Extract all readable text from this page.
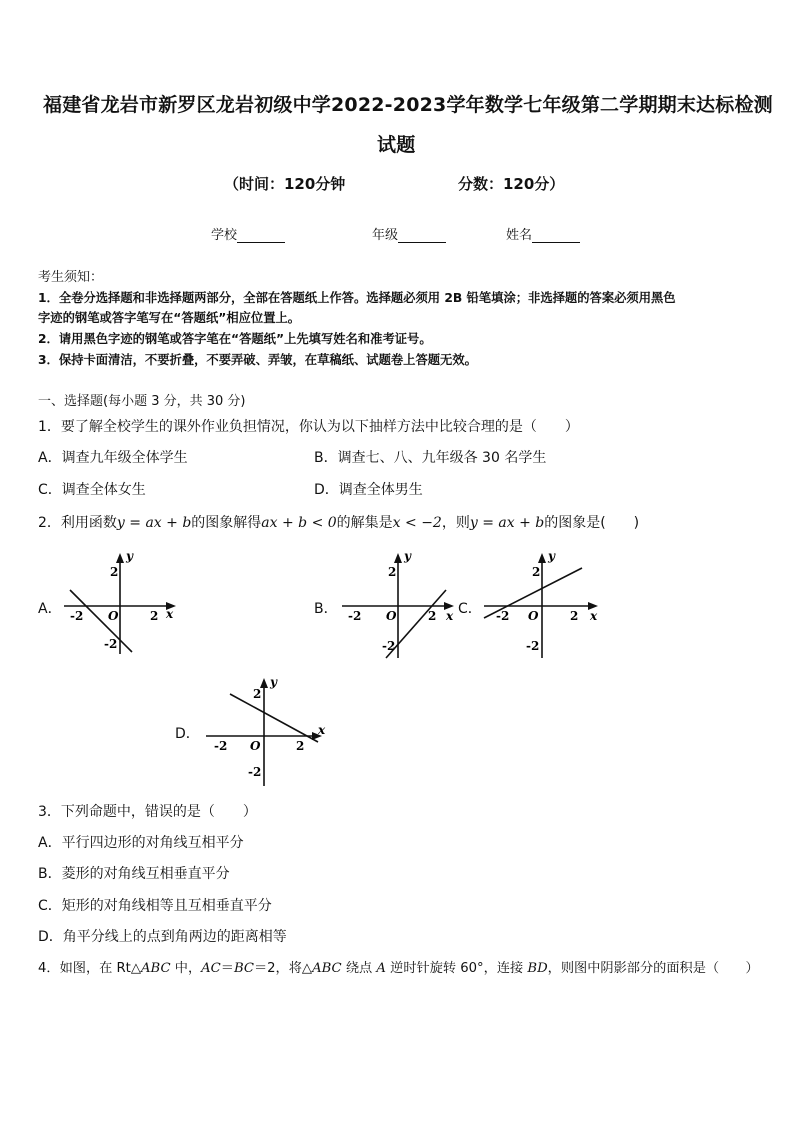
福建省龙岩市新罗区龙岩初级中学2022-2023学年数学七年级第二学期期末达标检测
试题
（时间：120分钟	分数：120分）
学校	年级	姓名
考生须知：
1．全卷分选择题和非选择题两部分，全部在答题纸上作答。选择题必须用 2B 铅笔填涂；非选择题的答案必须用黑色
字迹的钢笔或答字笔写在“答题纸”相应位置上。
2．请用黑色字迹的钢笔或答字笔在“答题纸”上先填写姓名和准考证号。
3．保持卡面清洁，不要折叠，不要弄破、弄皱，在草稿纸、试题卷上答题无效。
一、选择题(每小题 3 分，共 30 分)
1．要了解全校学生的课外作业负担情况，你认为以下抽样方法中比较合理的是（　　）
A．调查九年级全体学生	B．调查七、八、九年级各 30 名学生
C．调查全体女生	D．调查全体男生
2．利用函数y = ax + b的图象解得ax + b < 0的解集是x < −2，则y = ax + b的图象是(　　)
A．	B．	C．
D．
y
x
O
-2	2
2
-2
y
x
O
-2	2
2
-2
y
x
O
-2	2
2
-2
y
x
O
-2	2
2
-2
3．下列命题中，错误的是（　　）
A．平行四边形的对角线互相平分
B．菱形的对角线互相垂直平分
C．矩形的对角线相等且互相垂直平分
D．角平分线上的点到角两边的距离相等
4．如图，在 Rt△ABC 中，AC＝BC＝2，将△ABC 绕点 A 逆时针旋转 60°，连接 BD，则图中阴影部分的面积是（　　）
